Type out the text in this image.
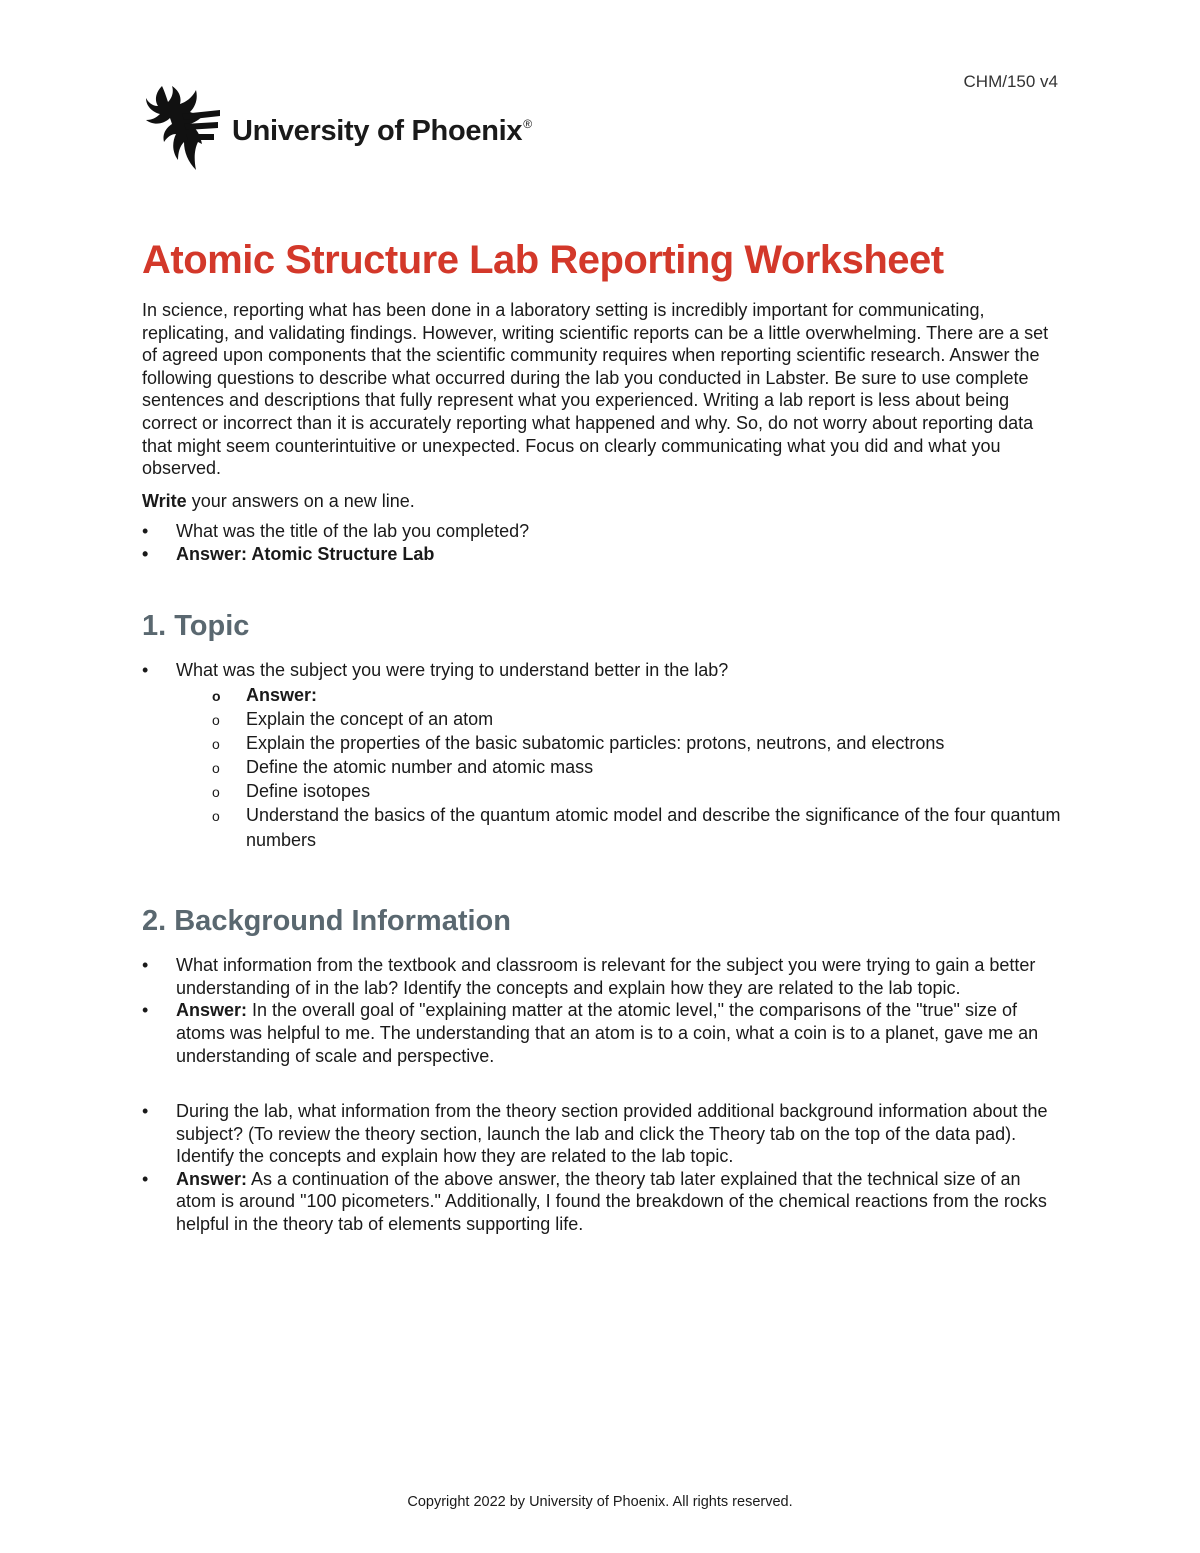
CHM/150 v4
University of Phoenix®
Atomic Structure Lab Reporting Worksheet

In science, reporting what has been done in a laboratory setting is incredibly important for communicating, replicating, and validating findings. However, writing scientific reports can be a little overwhelming. There are a set of agreed upon components that the scientific community requires when reporting scientific research. Answer the following questions to describe what occurred during the lab you conducted in Labster. Be sure to use complete sentences and descriptions that fully represent what you experienced. Writing a lab report is less about being correct or incorrect than it is accurately reporting what happened and why. So, do not worry about reporting data that might seem counterintuitive or unexpected. Focus on clearly communicating what you did and what you observed.

Write your answers on a new line.

• What was the title of the lab you completed?
• Answer: Atomic Structure Lab
1. Topic
• What was the subject you were trying to understand better in the lab?
o Answer:
o Explain the concept of an atom
o Explain the properties of the basic subatomic particles: protons, neutrons, and electrons
o Define the atomic number and atomic mass
o Define isotopes
o Understand the basics of the quantum atomic model and describe the significance of the four quantum numbers
2. Background Information
• What information from the textbook and classroom is relevant for the subject you were trying to gain a better understanding of in the lab? Identify the concepts and explain how they are related to the lab topic.
• Answer: In the overall goal of "explaining matter at the atomic level," the comparisons of the "true" size of atoms was helpful to me. The understanding that an atom is to a coin, what a coin is to a planet, gave me an understanding of scale and perspective.
• During the lab, what information from the theory section provided additional background information about the subject? (To review the theory section, launch the lab and click the Theory tab on the top of the data pad). Identify the concepts and explain how they are related to the lab topic.
• Answer: As a continuation of the above answer, the theory tab later explained that the technical size of an atom is around "100 picometers." Additionally, I found the breakdown of the chemical reactions from the rocks helpful in the theory tab of elements supporting life.
Copyright 2022 by University of Phoenix. All rights reserved.
